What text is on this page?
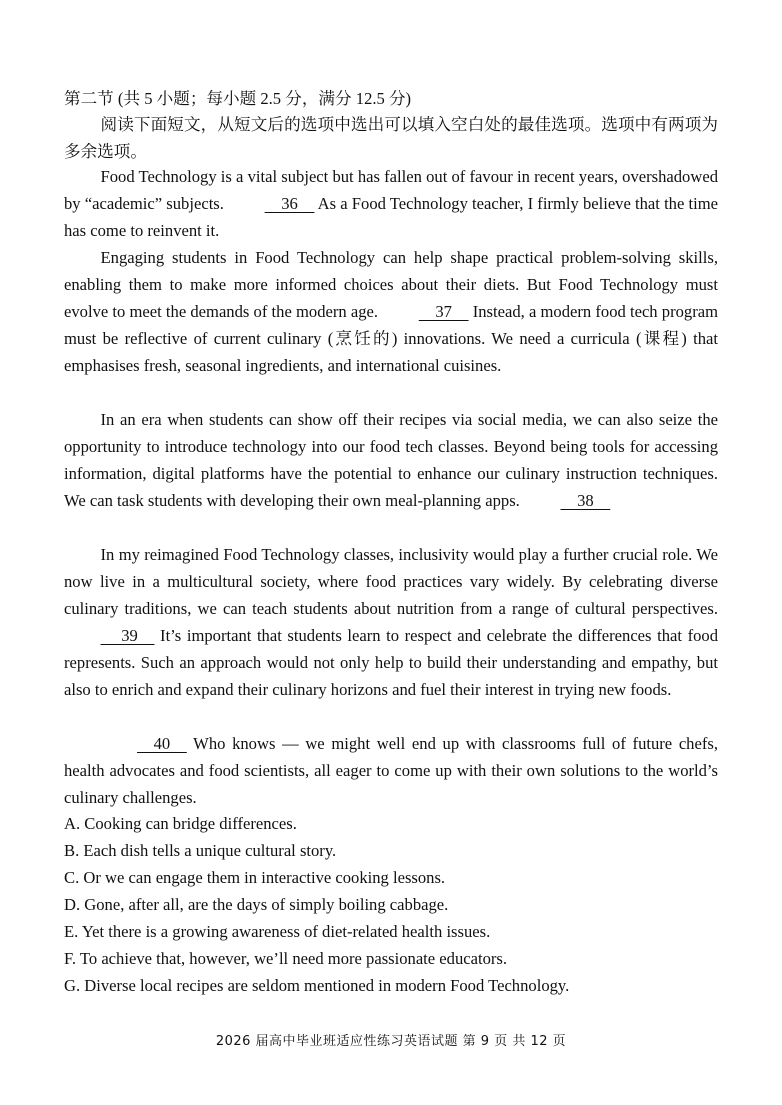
第二节 (共 5 小题；每小题 2.5 分，满分 12.5 分)

阅读下面短文，从短文后的选项中选出可以填入空白处的最佳选项。选项中有两项为多余选项。

Food Technology is a vital subject but has fallen out of favour in recent years, overshadowed by “academic” subjects.     36     As a Food Technology teacher, I firmly believe that the time has come to reinvent it.

Engaging students in Food Technology can help shape practical problem-solving skills, enabling them to make more informed choices about their diets. But Food Technology must evolve to meet the demands of the modern age.     37     Instead, a modern food tech program must be reflective of current culinary (烹饪的) innovations. We need a curricula (课程) that emphasises fresh, seasonal ingredients, and international cuisines.

In an era when students can show off their recipes via social media, we can also seize the opportunity to introduce technology into our food tech classes. Beyond being tools for accessing information, digital platforms have the potential to enhance our culinary instruction techniques. We can task students with developing their own meal-planning apps.     38

In my reimagined Food Technology classes, inclusivity would play a further crucial role. We now live in a multicultural society, where food practices vary widely. By celebrating diverse culinary traditions, we can teach students about nutrition from a range of cultural perspectives.      39     It’s important that students learn to respect and celebrate the differences that food represents. Such an approach would not only help to build their understanding and empathy, but also to enrich and expand their culinary horizons and fuel their interest in trying new foods.

40     Who knows — we might well end up with classrooms full of future chefs, health advocates and food scientists, all eager to come up with their own solutions to the world’s culinary challenges.

A. Cooking can bridge differences.
B. Each dish tells a unique cultural story.
C. Or we can engage them in interactive cooking lessons.
D. Gone, after all, are the days of simply boiling cabbage.
E. Yet there is a growing awareness of diet-related health issues.
F. To achieve that, however, we’ll need more passionate educators.
G. Diverse local recipes are seldom mentioned in modern Food Technology.
2026 届高中毕业班适应性练习英语试题 第 9 页 共 12 页
